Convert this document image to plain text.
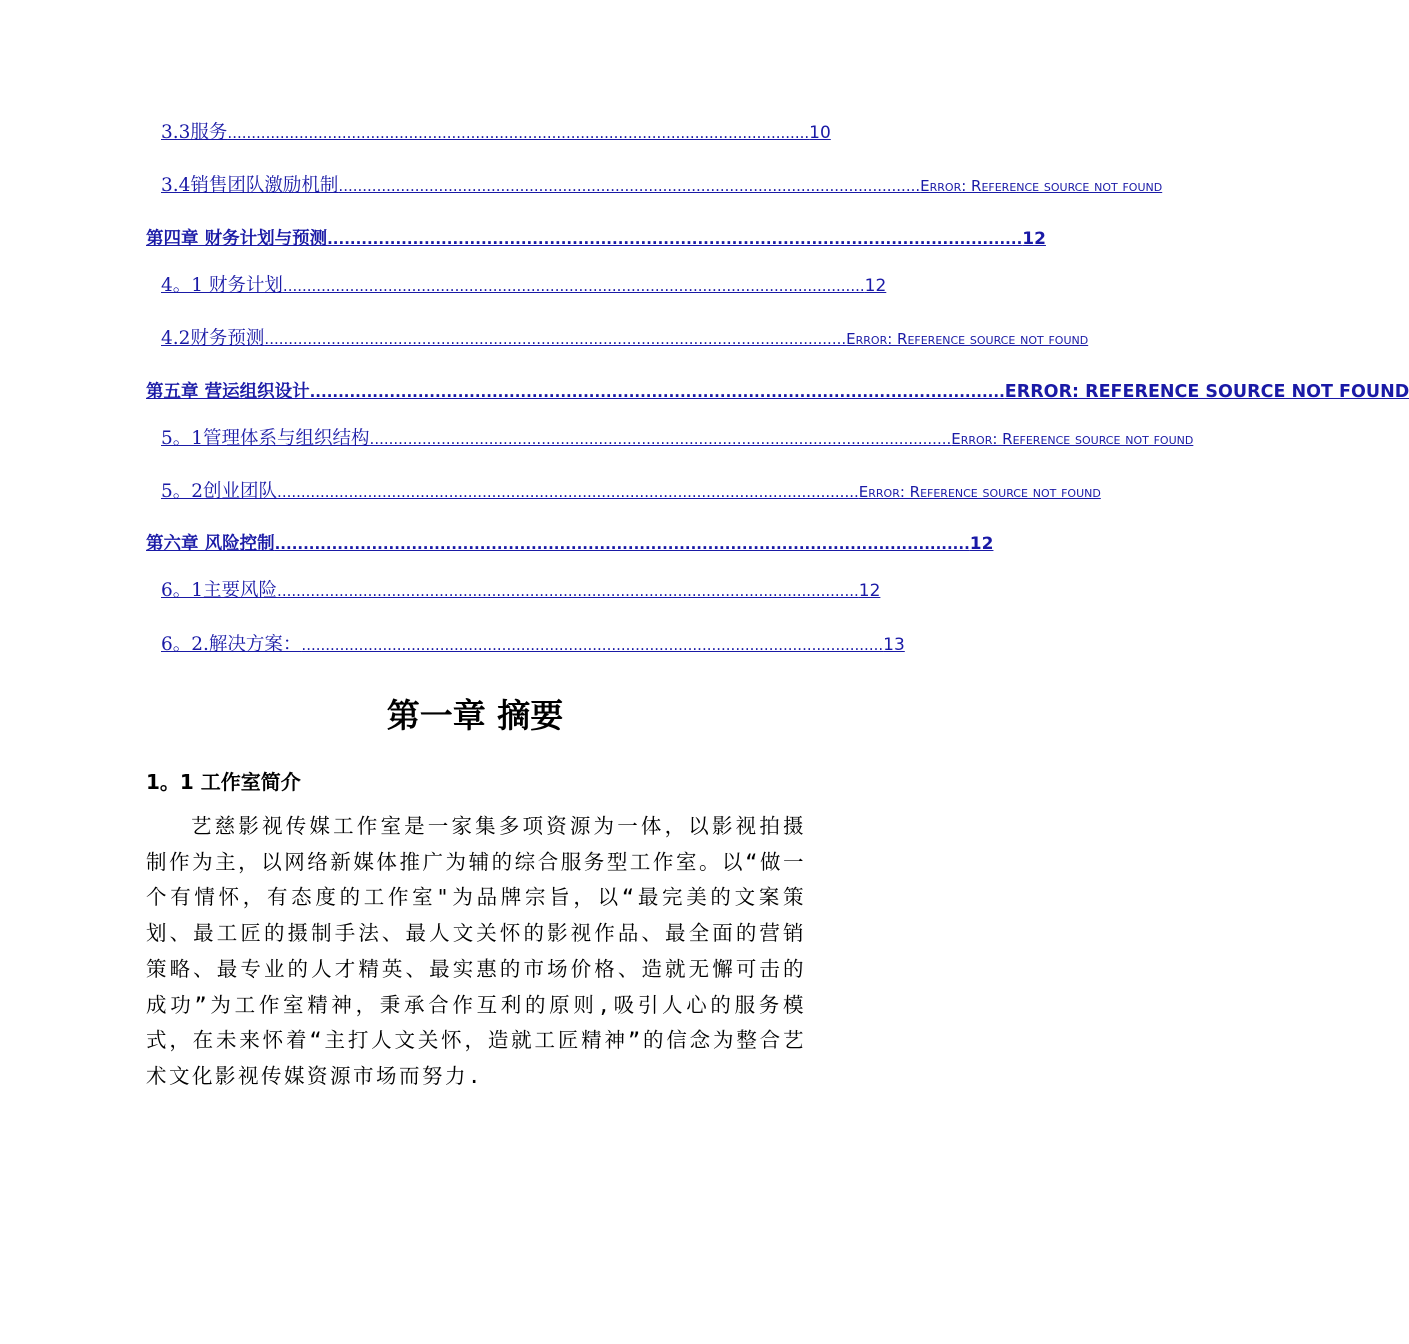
3.3服务 .......................................................................................................................... 10
3.4销售团队激励机制 .......................................................................................................................... Error: Reference source not found
第四章 财务计划与预测 .......................................................................................................................... 12
4。1 财务计划 .......................................................................................................................... 12
4.2财务预测 .......................................................................................................................... Error: Reference source not found
第五章 营运组织设计 .......................................................................................................................... ERROR: REFERENCE SOURCE NOT FOUND
5。1管理体系与组织结构 .......................................................................................................................... Error: Reference source not found
5。2创业团队 .......................................................................................................................... Error: Reference source not found
第六章 风险控制 .......................................................................................................................... 12
6。1主要风险 .......................................................................................................................... 12
6。2.解决方案： .......................................................................................................................... 13
第一章 摘要
1。1 工作室简介

艺慈影视传媒工作室是一家集多项资源为一体，以影视拍摄制作为主，以网络新媒体推广为辅的综合服务型工作室。以“做一个有情怀，有态度的工作室"为品牌宗旨，以“最完美的文案策划、最工匠的摄制手法、最人文关怀的影视作品、最全面的营销策略、最专业的人才精英、最实惠的市场价格、造就无懈可击的成功”为工作室精神，秉承合作互利的原则,吸引人心的服务模式，在未来怀着“主打人文关怀，造就工匠精神”的信念为整合艺术文化影视传媒资源市场而努力.
